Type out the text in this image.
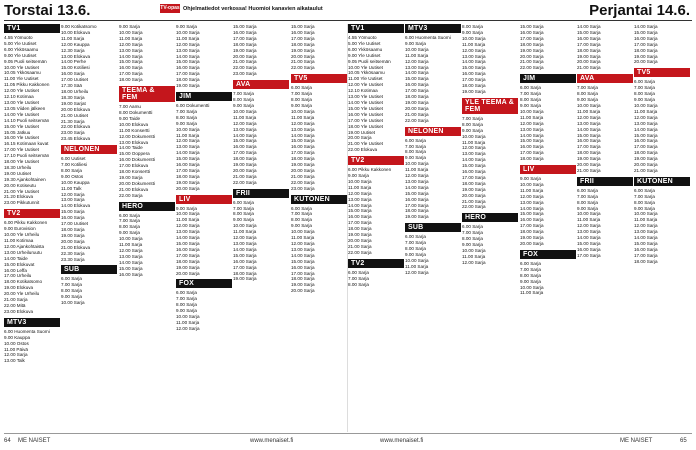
Torstai 13.6.	TV-opas Ohjelmatiedot verkossa! Huomioi kanavien aikataulut	Perjantai 14.6.
TV1
4.55 Yömuoto
5.00 Yle Uutiset
6.00 Ykkösaamu
9.00 Yle Uutiset
9.05 Puoli seitsemän
10.00 Yle Uutiset
10.05 Ykkösaamu
11.00 Yle Uutiset
11.05 Pikku Kakkonen
12.00 Yle Uutiset
12.10 Kotimaa
13.00 Yle Uutiset
13.05 Viiden jälkeen
14.00 Yle Uutiset
14.10 Puoli seitsemän
15.00 Yle Uutiset
15.05 Jatkuu
16.00 Yle Uutiset
16.15 Kotimaan kuvat
17.00 Yle Uutiset
17.10 Puoli seitsemän
18.00 Yle Uutiset
18.30 Urheilu
19.00 Uutiset
19.30 Ajankohtainen
20.00 Kotiseutu
21.00 Yle Uutiset
21.20 Elokuva
23.00 Pikkutunnit
TV2
6.00 Pikku Kakkonen
9.00 Eurovision
10.00 Yle Urheilu
11.00 Kotimaa
12.00 Ajankohtaista
13.00 Urheiluruutu
14.00 Taide
15.00 Elokuvat
16.00 Leffa
17.00 Urheilu
18.00 Kotikatsomo
19.00 Elokuva
20.00 Yle Urheilu
21.00 Sarja
22.00 Mitä
23.00 Elokuva
MTV3
6.00 Huomenta Suomi
9.00 Kauppa
10.00 Ostos
11.00 Päivä
12.00 Sarja
13.00 Talk
9.00 Kotikatsomo
10.00 Elokuva
11.00 Sarja
12.00 Kauppa
12.30 Sarja
13.00 Elokuva
14.00 Perhe
15.00 Kotiliesi
16.00 Sarja
17.00 Uutiset
17.30 Sää
18.00 Urheilu
18.30 Sarja
19.00 Sarjat
20.00 Elokuva
21.00 Uutiset
21.30 Sarja
22.00 Elokuva
23.00 Sarja
23.45 Elokuva
NELONEN
6.00 Uutiset
7.00 Kotiliesi
8.00 Sarja
9.00 Ostos
10.00 Kauppa
11.00 Talk
12.00 Sarja
13.00 Sarja
14.00 Elokuva
15.00 Sarja
16.00 Sarja
17.00 Uutiset
18.00 Sarja
19.00 Sarja
20.00 Sarja
21.00 Elokuva
22.30 Sarja
23.30 Sarja
SUB
6.00 Sarja
7.00 Sarja
8.00 Sarja
9.00 Sarja
10.00 Sarja
9.00 Sarja
10.00 Sarja
11.00 Sarja
12.00 Sarja
13.00 Sarja
14.00 Sarja
15.00 Sarja
16.00 Sarja
17.00 Sarja
18.00 Sarja
TEEMA & FEM
7.00 Aamu
8.00 Dokumentti
9.00 Taide
10.00 Elokuva
11.00 Konsertti
12.00 Dokumentti
13.00 Elokuva
14.00 Taide
15.00 Ooppera
16.00 Dokumentti
17.00 Elokuva
18.00 Konsertti
19.00 Sarja
20.00 Dokumentti
21.00 Elokuva
22.00 Sarja
HERO
6.00 Sarja
7.00 Sarja
8.00 Sarja
9.00 Sarja
10.00 Sarja
11.00 Sarja
12.00 Sarja
13.00 Sarja
14.00 Sarja
15.00 Sarja
16.00 Sarja
9.00 Sarja
10.00 Sarja
11.00 Sarja
12.00 Sarja
13.00 Sarja
14.00 Sarja
15.00 Sarja
16.00 Sarja
17.00 Sarja
18.00 Sarja
19.00 Sarja
JIM
6.00 Dokumentti
7.00 Sarja
8.00 Sarja
9.00 Sarja
10.00 Sarja
11.00 Sarja
12.00 Sarja
13.00 Sarja
14.00 Sarja
15.00 Sarja
16.00 Sarja
17.00 Sarja
18.00 Sarja
19.00 Sarja
20.00 Sarja
LIV
9.00 Sarja
10.00 Sarja
11.00 Sarja
12.00 Sarja
13.00 Sarja
14.00 Sarja
15.00 Sarja
16.00 Sarja
17.00 Sarja
18.00 Sarja
19.00 Sarja
20.00 Sarja
FOX
6.00 Sarja
7.00 Sarja
8.00 Sarja
9.00 Sarja
10.00 Sarja
11.00 Sarja
12.00 Sarja
15.00 Sarja
16.00 Sarja
17.00 Sarja
18.00 Sarja
19.00 Sarja
20.00 Sarja
21.00 Sarja
22.00 Sarja
23.00 Sarja
AVA
7.00 Sarja
8.00 Sarja
9.00 Sarja
10.00 Sarja
11.00 Sarja
12.00 Sarja
13.00 Sarja
14.00 Sarja
15.00 Sarja
16.00 Sarja
17.00 Sarja
18.00 Sarja
19.00 Sarja
20.00 Sarja
21.00 Sarja
22.00 Sarja
FRII
6.00 Sarja
7.00 Sarja
8.00 Sarja
9.00 Sarja
10.00 Sarja
11.00 Sarja
12.00 Sarja
13.00 Sarja
14.00 Sarja
15.00 Sarja
16.00 Sarja
17.00 Sarja
18.00 Sarja
19.00 Sarja
15.00 Sarja
16.00 Sarja
17.00 Sarja
18.00 Sarja
19.00 Sarja
20.00 Sarja
21.00 Sarja
22.00 Sarja
TV5
6.00 Sarja
7.00 Sarja
8.00 Sarja
9.00 Sarja
10.00 Sarja
11.00 Sarja
12.00 Sarja
13.00 Sarja
14.00 Sarja
15.00 Sarja
16.00 Sarja
17.00 Sarja
18.00 Sarja
19.00 Sarja
20.00 Sarja
21.00 Sarja
22.00 Sarja
23.00 Sarja
KUTONEN
6.00 Sarja
7.00 Sarja
8.00 Sarja
9.00 Sarja
10.00 Sarja
11.00 Sarja
12.00 Sarja
13.00 Sarja
14.00 Sarja
15.00 Sarja
16.00 Sarja
17.00 Sarja
18.00 Sarja
19.00 Sarja
20.00 Sarja
TV1
4.55 Yömuoto
5.00 Yle Uutiset
6.00 Ykkösaamu
9.00 Yle Uutiset
9.05 Puoli seitsemän
10.00 Yle Uutiset
10.05 Ykkösaamu
11.00 Yle Uutiset
12.00 Yle Uutiset
12.10 Kotimaa
13.00 Yle Uutiset
14.00 Yle Uutiset
15.00 Yle Uutiset
16.00 Yle Uutiset
17.00 Yle Uutiset
18.00 Yle Uutiset
19.00 Uutiset
20.00 Sarja
21.00 Yle Uutiset
22.00 Elokuva
TV2
6.00 Pikku Kakkonen
9.00 Sarja
10.00 Sarja
11.00 Sarja
12.00 Sarja
13.00 Sarja
14.00 Sarja
15.00 Sarja
16.00 Sarja
17.00 Sarja
18.00 Sarja
19.00 Sarja
20.00 Sarja
21.00 Sarja
22.00 Sarja
TV2
6.00 Sarja
7.00 Sarja
8.00 Sarja
MTV3
6.00 Huomenta Suomi
9.00 Sarja
10.00 Sarja
11.00 Sarja
12.00 Sarja
13.00 Sarja
14.00 Sarja
15.00 Sarja
16.00 Sarja
17.00 Sarja
18.00 Sarja
19.00 Sarja
20.00 Sarja
21.00 Sarja
22.00 Sarja
NELONEN
6.00 Sarja
7.00 Sarja
8.00 Sarja
9.00 Sarja
10.00 Sarja
11.00 Sarja
12.00 Sarja
13.00 Sarja
14.00 Sarja
15.00 Sarja
16.00 Sarja
17.00 Sarja
18.00 Sarja
19.00 Sarja
SUB
6.00 Sarja
7.00 Sarja
8.00 Sarja
9.00 Sarja
10.00 Sarja
11.00 Sarja
12.00 Sarja
8.00 Sarja
9.00 Sarja
10.00 Sarja
11.00 Sarja
12.00 Sarja
13.00 Sarja
14.00 Sarja
15.00 Sarja
16.00 Sarja
17.00 Sarja
18.00 Sarja
19.00 Sarja
YLE TEEMA & FEM
7.00 Sarja
8.00 Sarja
9.00 Sarja
10.00 Sarja
11.00 Sarja
12.00 Sarja
13.00 Sarja
14.00 Sarja
15.00 Sarja
16.00 Sarja
17.00 Sarja
18.00 Sarja
19.00 Sarja
20.00 Sarja
21.00 Sarja
22.00 Sarja
HERO
6.00 Sarja
7.00 Sarja
8.00 Sarja
9.00 Sarja
10.00 Sarja
11.00 Sarja
12.00 Sarja
15.00 Sarja
16.00 Sarja
17.00 Sarja
18.00 Sarja
19.00 Sarja
20.00 Sarja
21.00 Sarja
22.00 Sarja
JIM
6.00 Sarja
7.00 Sarja
8.00 Sarja
9.00 Sarja
10.00 Sarja
11.00 Sarja
12.00 Sarja
13.00 Sarja
14.00 Sarja
15.00 Sarja
16.00 Sarja
17.00 Sarja
18.00 Sarja
LIV
9.00 Sarja
10.00 Sarja
11.00 Sarja
12.00 Sarja
13.00 Sarja
14.00 Sarja
15.00 Sarja
16.00 Sarja
17.00 Sarja
18.00 Sarja
19.00 Sarja
20.00 Sarja
FOX
6.00 Sarja
7.00 Sarja
8.00 Sarja
9.00 Sarja
10.00 Sarja
11.00 Sarja
14.00 Sarja
15.00 Sarja
16.00 Sarja
17.00 Sarja
18.00 Sarja
19.00 Sarja
20.00 Sarja
21.00 Sarja
AVA
7.00 Sarja
8.00 Sarja
9.00 Sarja
10.00 Sarja
11.00 Sarja
12.00 Sarja
13.00 Sarja
14.00 Sarja
15.00 Sarja
16.00 Sarja
17.00 Sarja
18.00 Sarja
19.00 Sarja
20.00 Sarja
21.00 Sarja
FRII
6.00 Sarja
7.00 Sarja
8.00 Sarja
9.00 Sarja
10.00 Sarja
11.00 Sarja
12.00 Sarja
13.00 Sarja
14.00 Sarja
15.00 Sarja
16.00 Sarja
17.00 Sarja
14.00 Sarja
15.00 Sarja
16.00 Sarja
17.00 Sarja
18.00 Sarja
19.00 Sarja
20.00 Sarja
TV5
6.00 Sarja
7.00 Sarja
8.00 Sarja
9.00 Sarja
10.00 Sarja
11.00 Sarja
12.00 Sarja
13.00 Sarja
14.00 Sarja
15.00 Sarja
16.00 Sarja
17.00 Sarja
18.00 Sarja
19.00 Sarja
20.00 Sarja
21.00 Sarja
KUTONEN
6.00 Sarja
7.00 Sarja
8.00 Sarja
9.00 Sarja
10.00 Sarja
11.00 Sarja
12.00 Sarja
13.00 Sarja
14.00 Sarja
15.00 Sarja
16.00 Sarja
17.00 Sarja
18.00 Sarja
64 ME NAISET	www.menaiset.fi	www.menaiset.fi	ME NAISET	65
